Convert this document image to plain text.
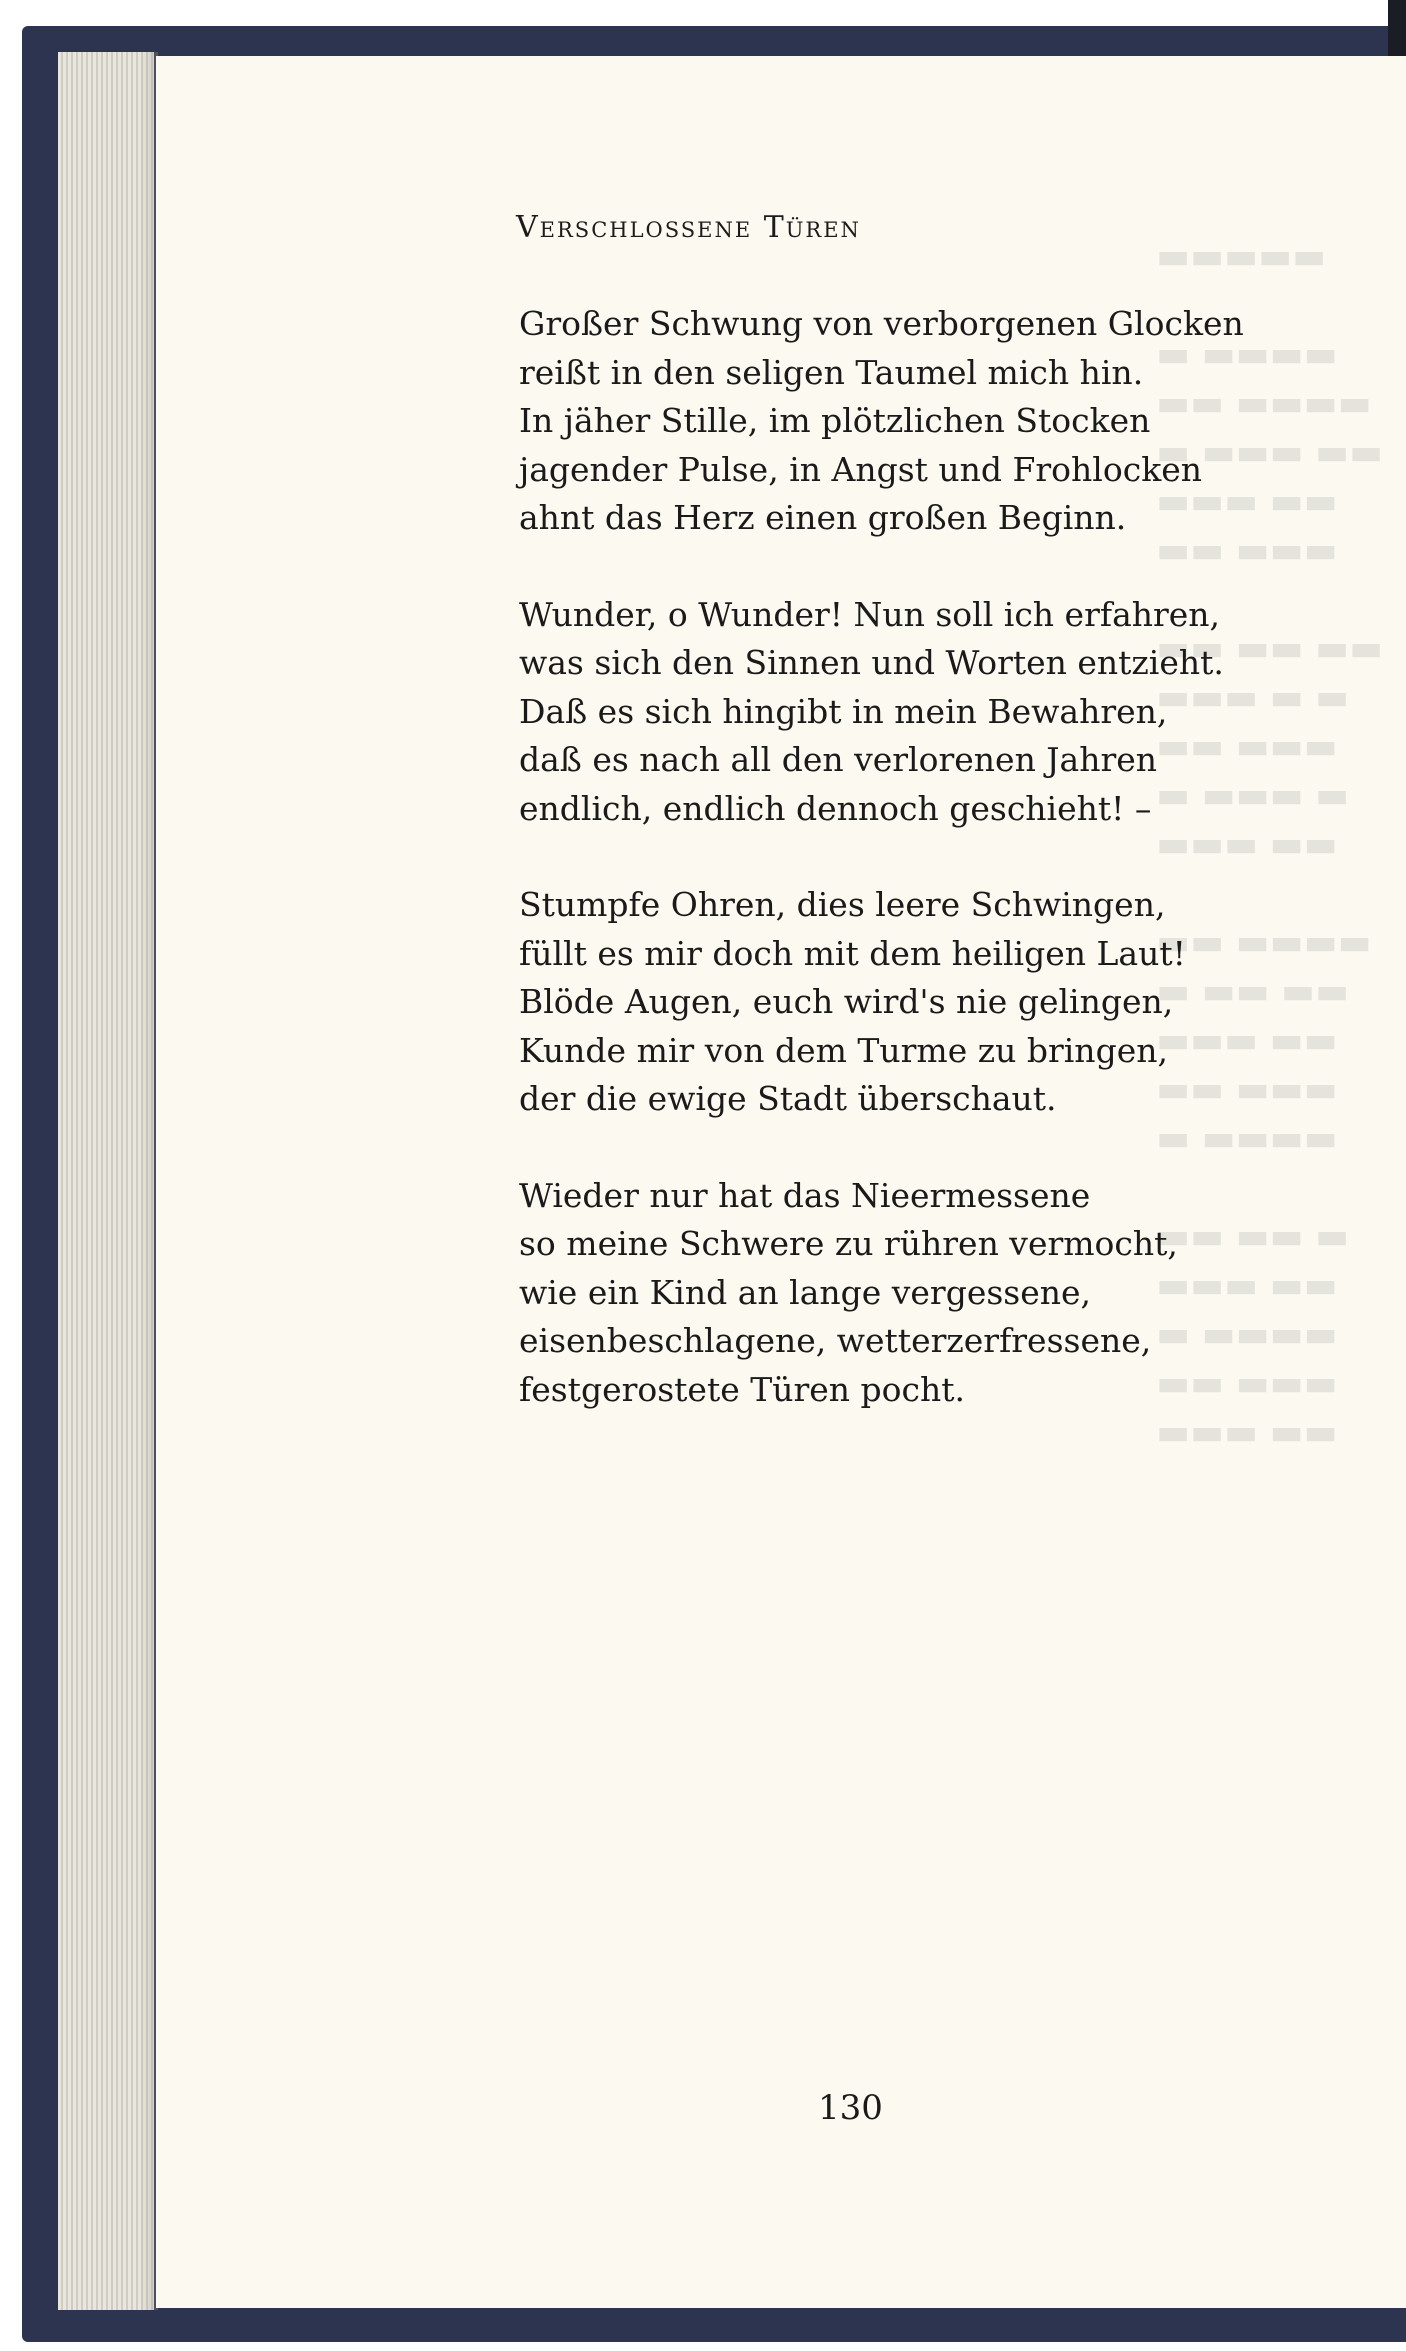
▬▬▬▬▬

▬ ▬▬▬▬
▬▬ ▬▬▬▬
▬ ▬▬▬ ▬▬
▬▬▬ ▬▬
▬▬ ▬▬▬

▬▬ ▬▬ ▬▬
▬▬▬ ▬ ▬
▬▬ ▬▬▬
▬ ▬▬▬ ▬
▬▬▬ ▬▬

▬▬ ▬▬▬▬
▬ ▬▬ ▬▬
▬▬▬ ▬▬
▬▬ ▬▬▬
▬ ▬▬▬▬

▬▬ ▬▬ ▬
▬▬▬ ▬▬
▬ ▬▬▬▬
▬▬ ▬▬▬
▬▬▬ ▬▬
Verschlossene Türen

Großer Schwung von verborgenen Glocken
reißt in den seligen Taumel mich hin.
In jäher Stille, im plötzlichen Stocken
jagender Pulse, in Angst und Frohlocken
ahnt das Herz einen großen Beginn.

Wunder, o Wunder! Nun soll ich erfahren,
was sich den Sinnen und Worten entzieht.
Daß es sich hingibt in mein Bewahren,
daß es nach all den verlorenen Jahren
endlich, endlich dennoch geschieht! –

Stumpfe Ohren, dies leere Schwingen,
füllt es mir doch mit dem heiligen Laut!
Blöde Augen, euch wird's nie gelingen,
Kunde mir von dem Turme zu bringen,
der die ewige Stadt überschaut.

Wieder nur hat das Nieermessene
so meine Schwere zu rühren vermocht,
wie ein Kind an lange vergessene,
eisenbeschlagene, wetterzerfressene,
festgerostete Türen pocht.

130
